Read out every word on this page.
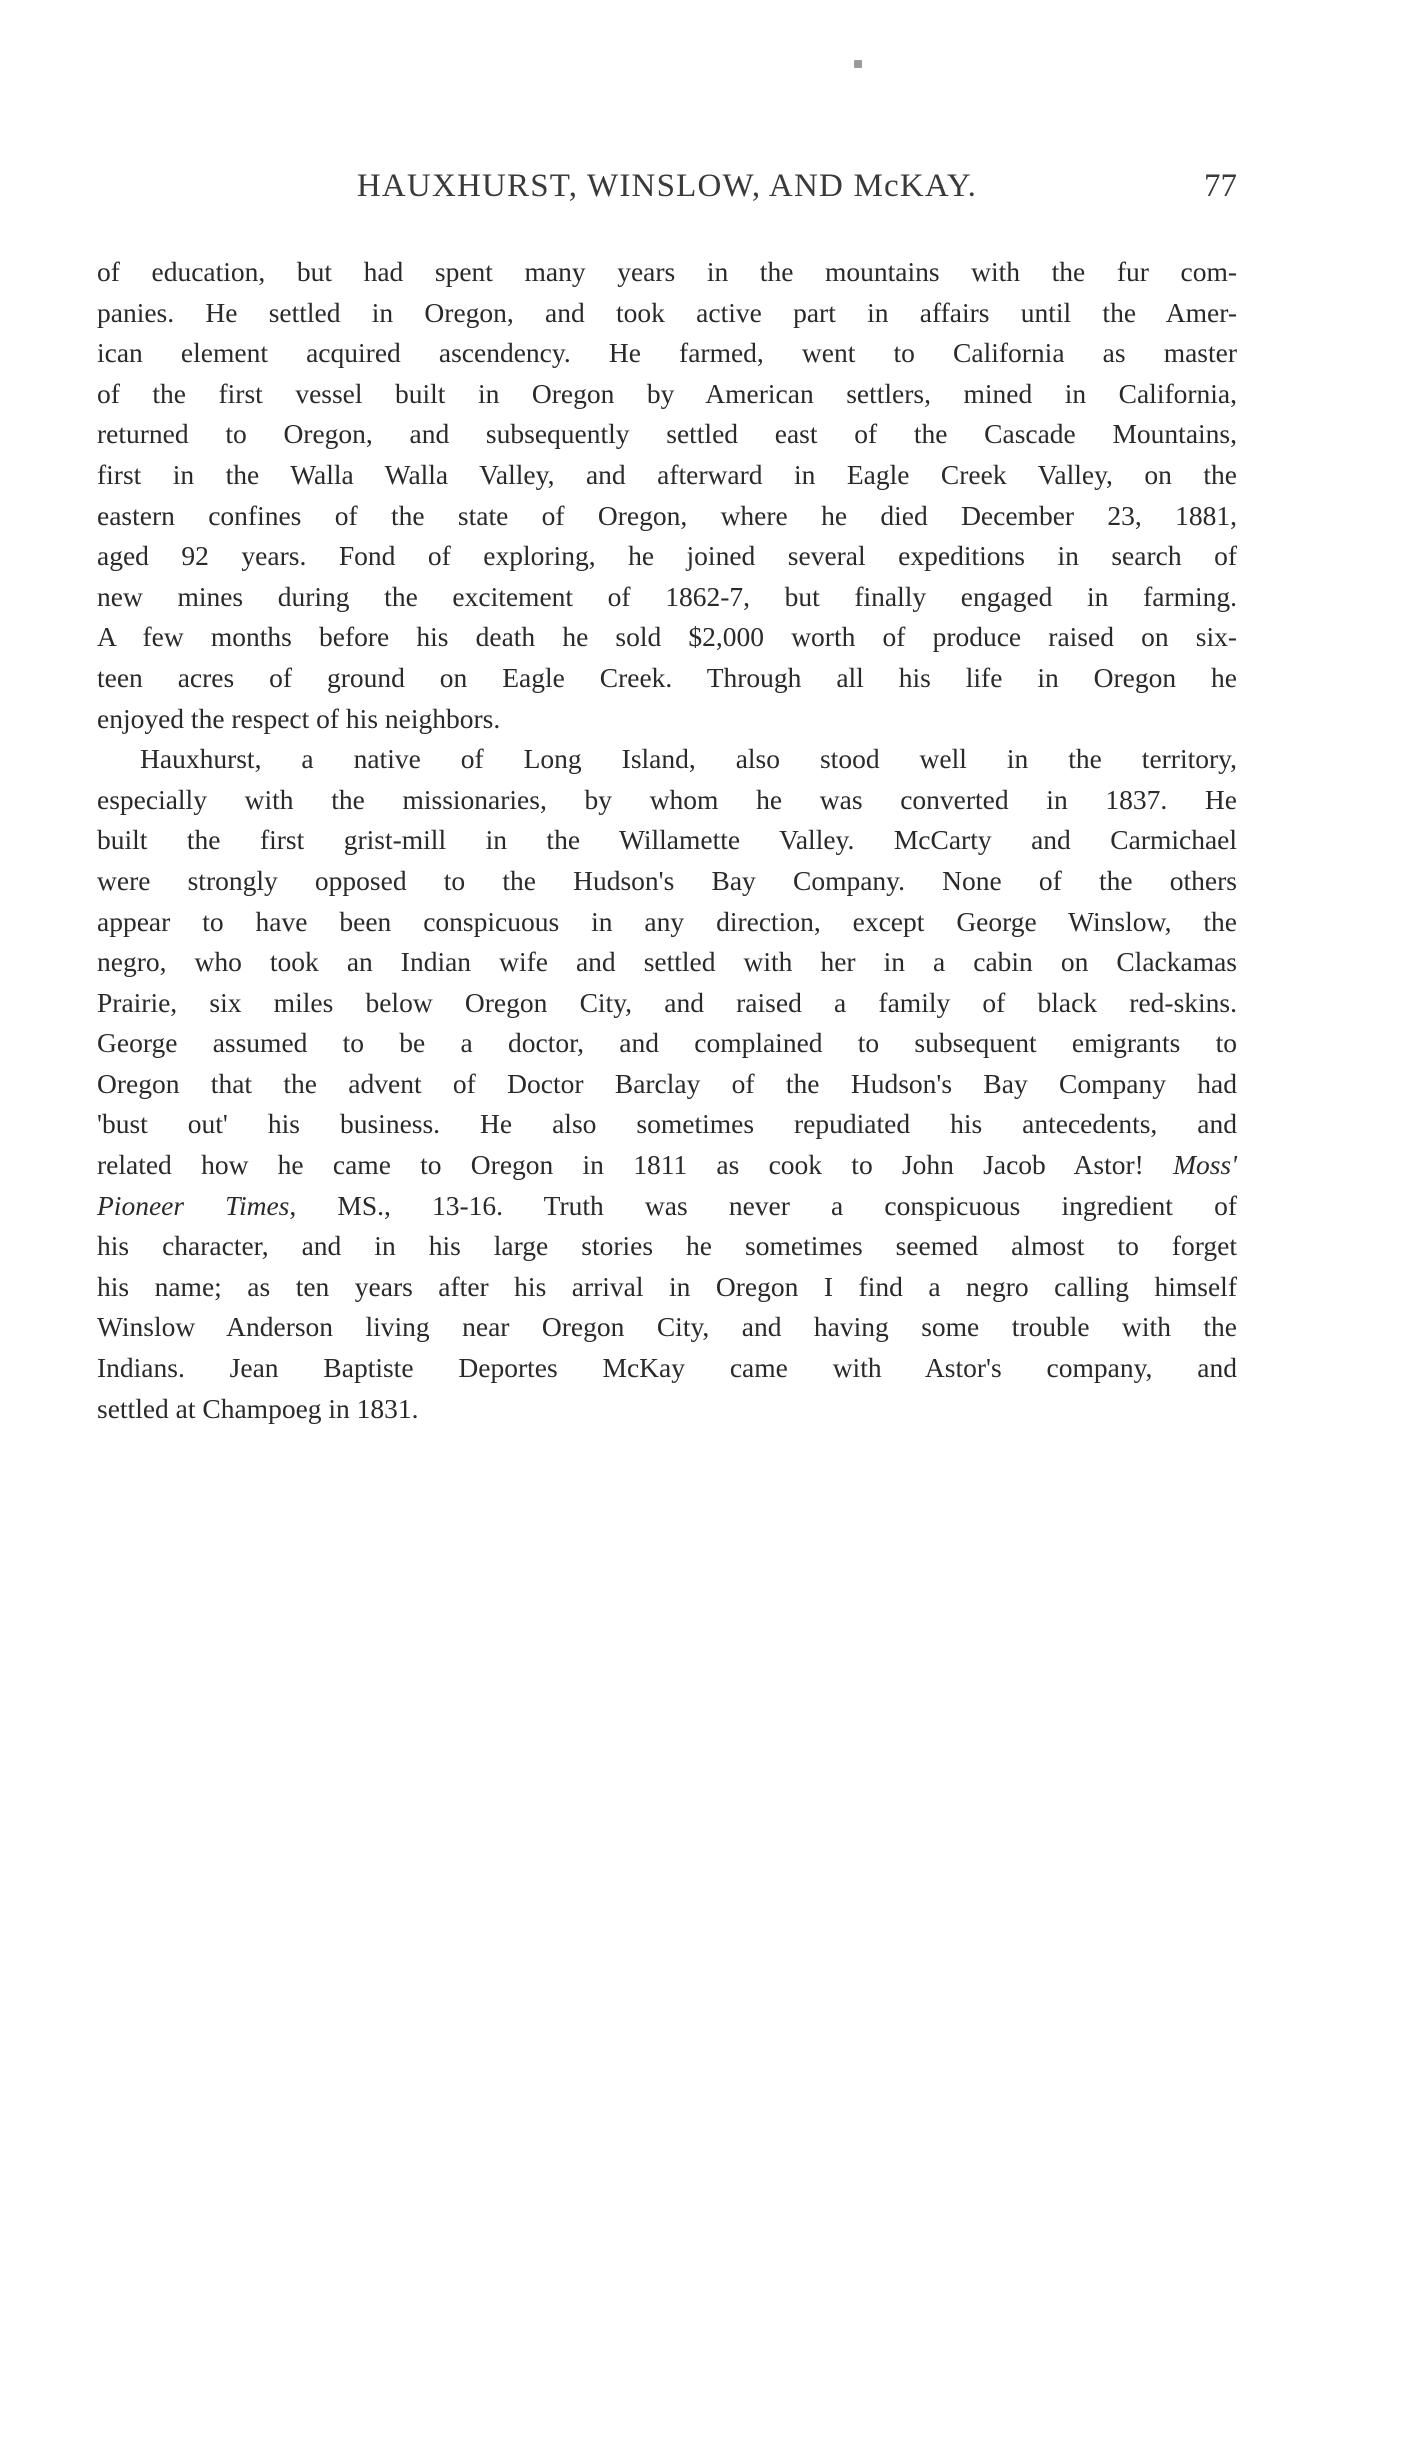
HAUXHURST, WINSLOW, AND McKAY.	77
of education, but had spent many years in the mountains with the fur com-
panies. He settled in Oregon, and took active part in affairs until the Amer-
ican element acquired ascendency. He farmed, went to California as master
of the first vessel built in Oregon by American settlers, mined in California,
returned to Oregon, and subsequently settled east of the Cascade Mountains,
first in the Walla Walla Valley, and afterward in Eagle Creek Valley, on the
eastern confines of the state of Oregon, where he died December 23, 1881,
aged 92 years. Fond of exploring, he joined several expeditions in search of
new mines during the excitement of 1862-7, but finally engaged in farming.
A few months before his death he sold $2,000 worth of produce raised on six-
teen acres of ground on Eagle Creek. Through all his life in Oregon he
enjoyed the respect of his neighbors.
Hauxhurst, a native of Long Island, also stood well in the territory,
especially with the missionaries, by whom he was converted in 1837. He
built the first grist-mill in the Willamette Valley. McCarty and Carmichael
were strongly opposed to the Hudson's Bay Company. None of the others
appear to have been conspicuous in any direction, except George Winslow, the
negro, who took an Indian wife and settled with her in a cabin on Clackamas
Prairie, six miles below Oregon City, and raised a family of black red-skins.
George assumed to be a doctor, and complained to subsequent emigrants to
Oregon that the advent of Doctor Barclay of the Hudson's Bay Company had
'bust out' his business. He also sometimes repudiated his antecedents, and
related how he came to Oregon in 1811 as cook to John Jacob Astor! Moss'
Pioneer Times, MS., 13-16. Truth was never a conspicuous ingredient of
his character, and in his large stories he sometimes seemed almost to forget
his name; as ten years after his arrival in Oregon I find a negro calling himself
Winslow Anderson living near Oregon City, and having some trouble with the
Indians. Jean Baptiste Deportes McKay came with Astor's company, and
settled at Champoeg in 1831.
